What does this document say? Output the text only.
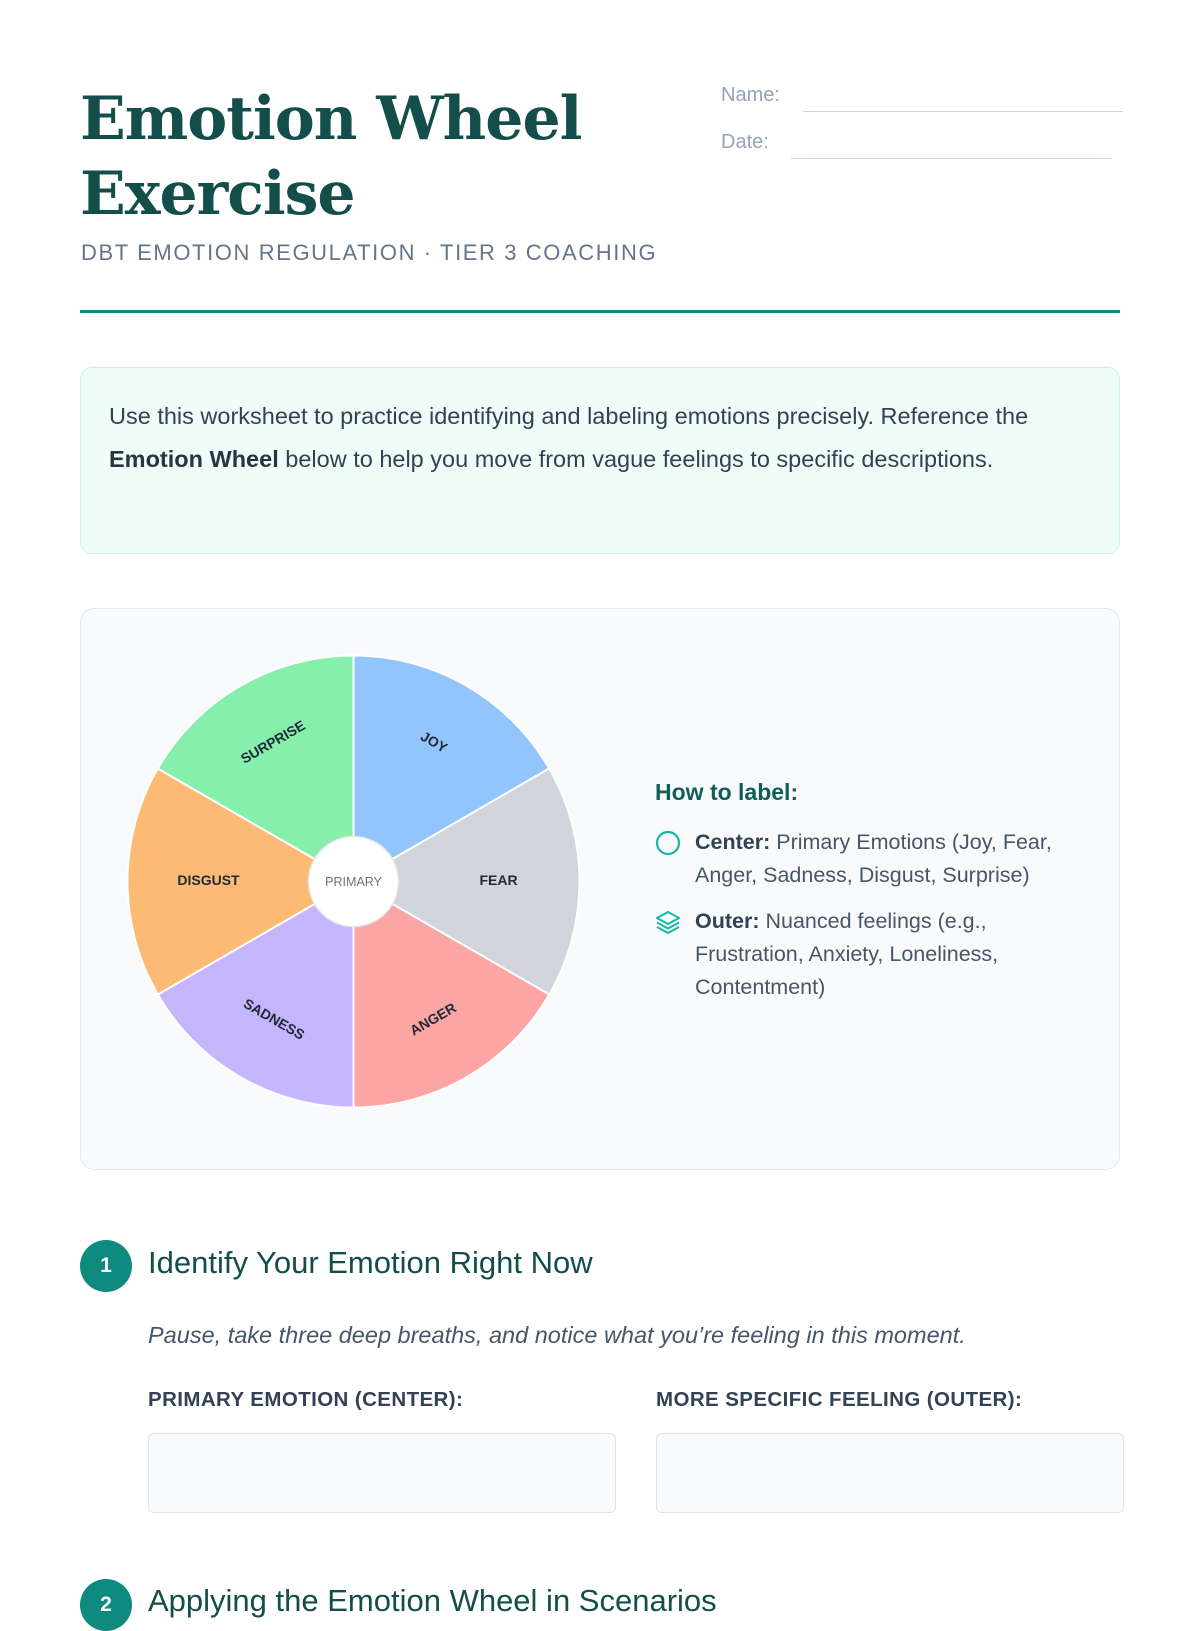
Emotion Wheel Exercise
DBT EMOTION REGULATION · TIER 3 COACHING
Name:
Date:
Use this worksheet to practice identifying and labeling emotions precisely. Reference the Emotion Wheel below to help you move from vague feelings to specific descriptions.
JOY
FEAR
ANGER
SADNESS
DISGUST
SURPRISE
PRIMARY
How to label:
Center: Primary Emotions (Joy, Fear, Anger, Sadness, Disgust, Surprise)
Outer: Nuanced feelings (e.g., Frustration, Anxiety, Loneliness, Contentment)
1	Identify Your Emotion Right Now
Pause, take three deep breaths, and notice what you’re feeling in this moment.
PRIMARY EMOTION (CENTER):	MORE SPECIFIC FEELING (OUTER):
2	Applying the Emotion Wheel in Scenarios
